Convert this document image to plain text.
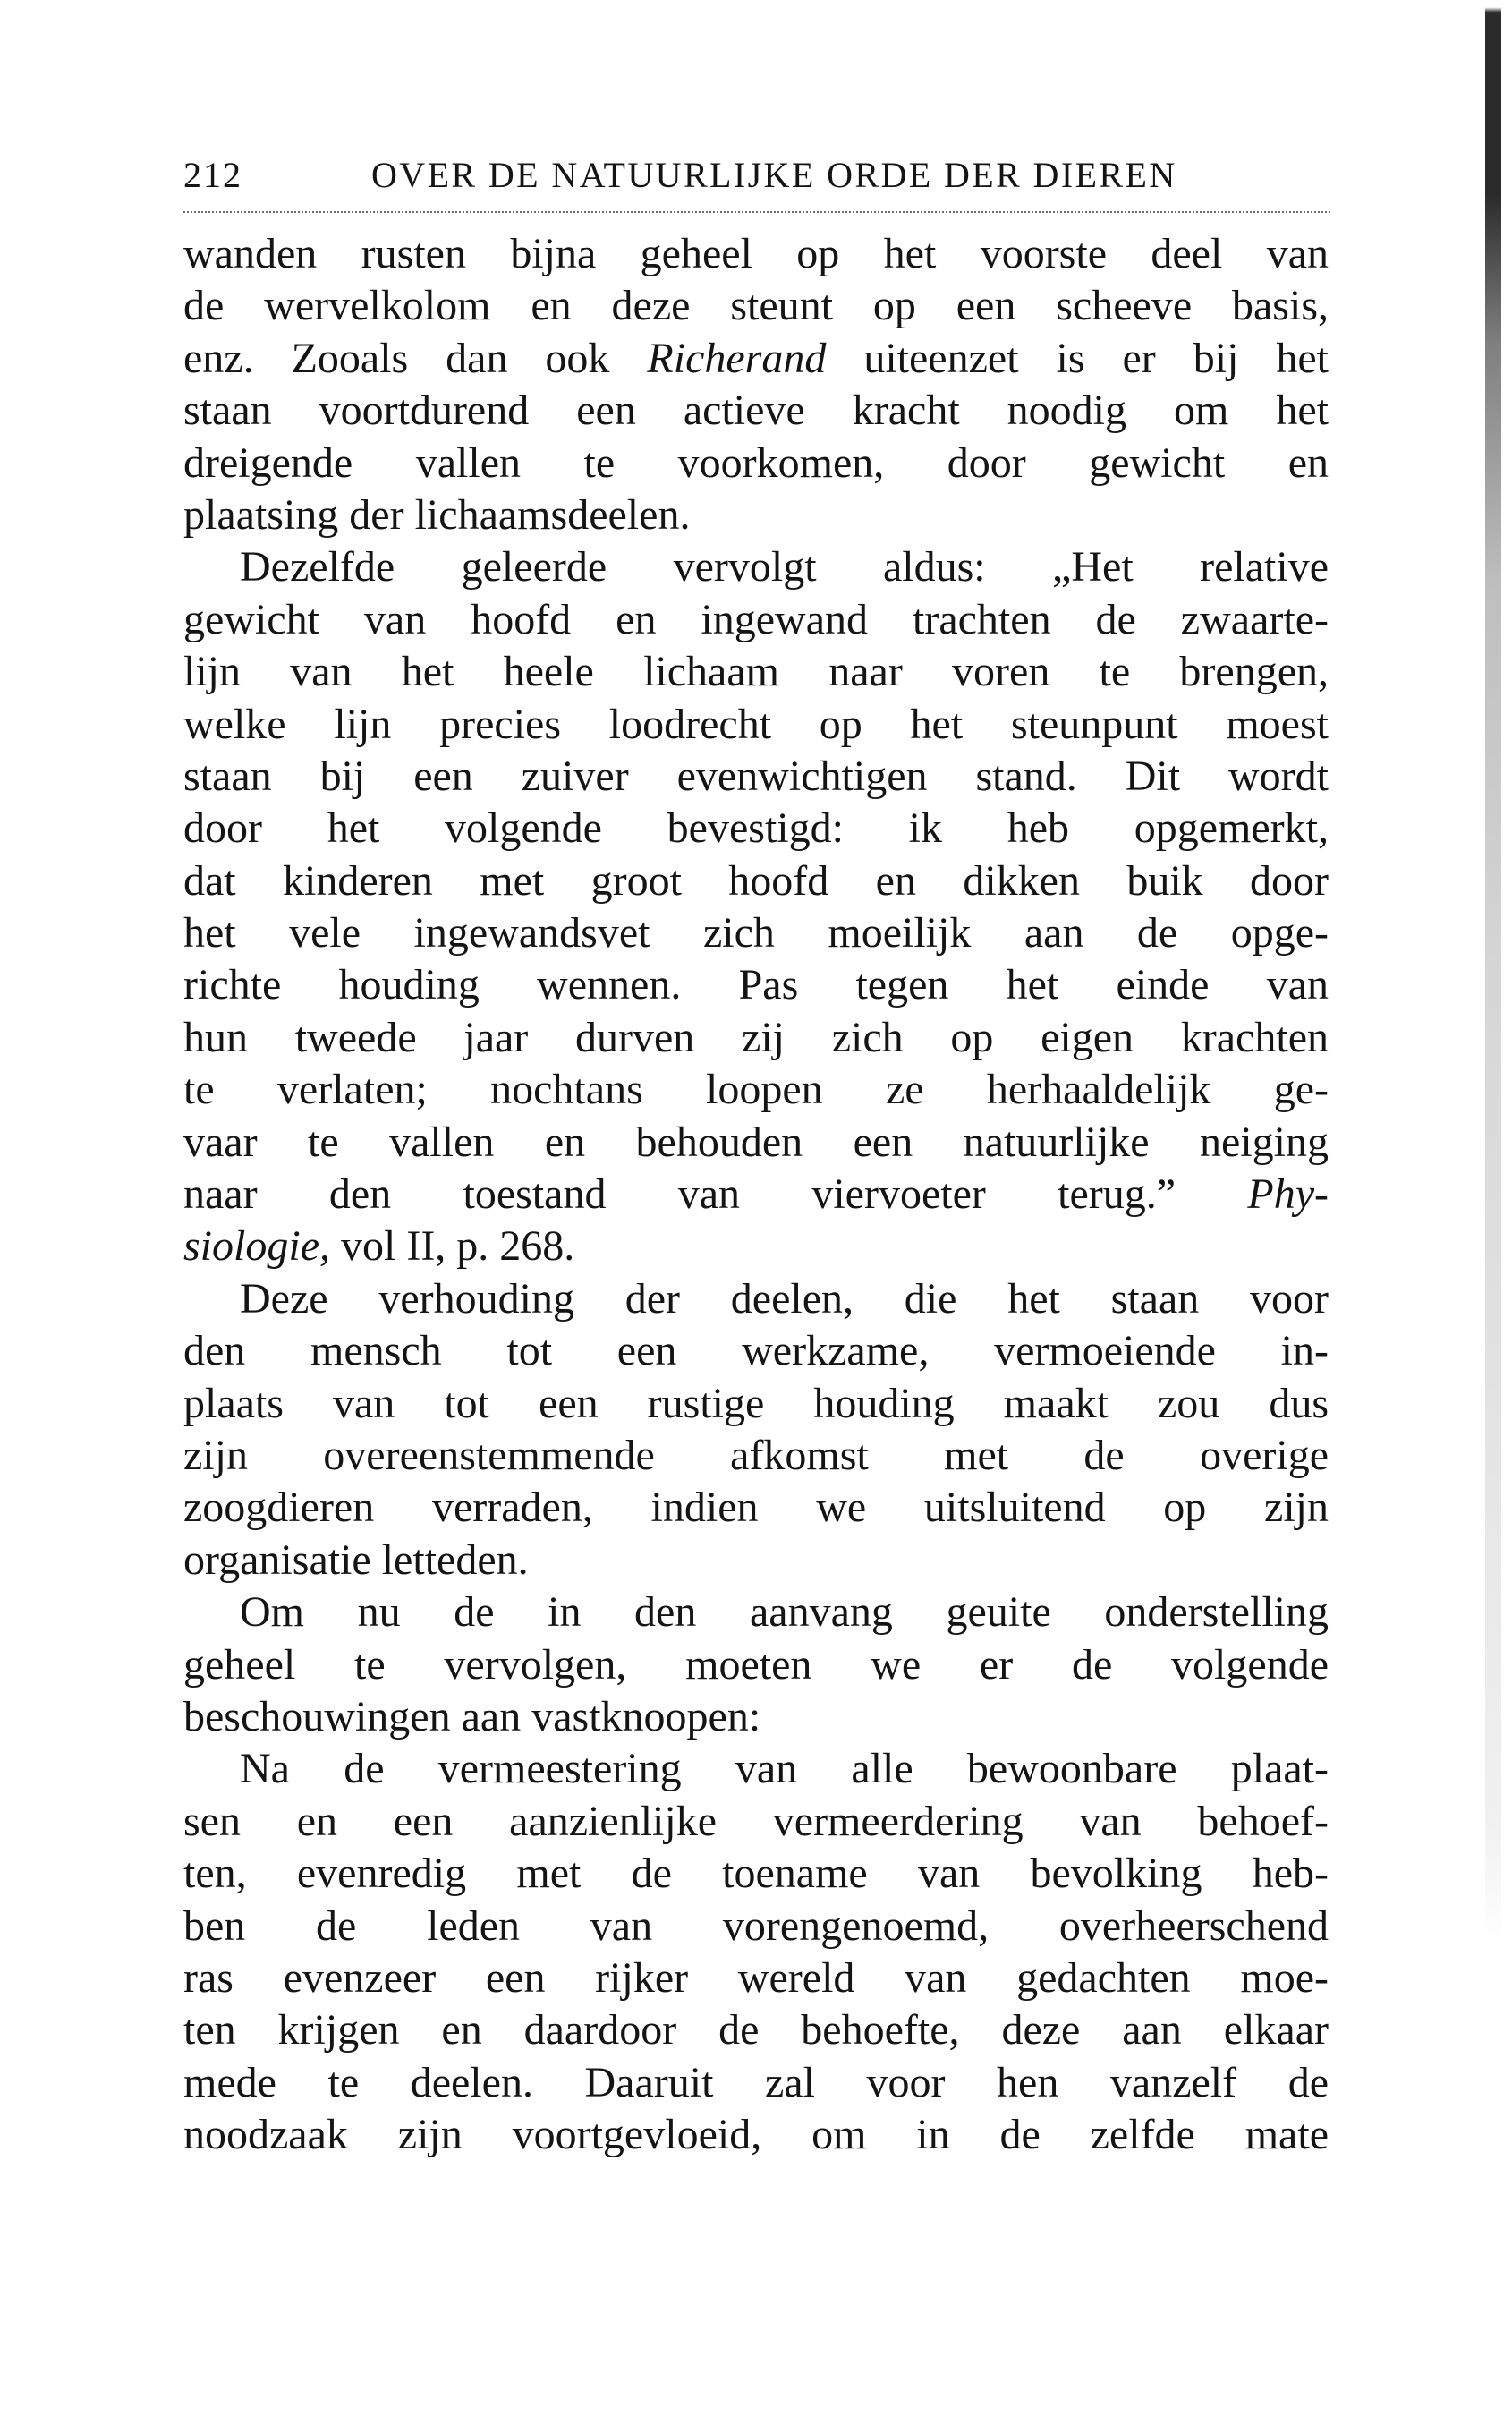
212	OVER DE NATUURLIJKE ORDE DER DIEREN
wanden rusten bijna geheel op het voorste deel van
de wervelkolom en deze steunt op een scheeve basis,
enz. Zooals dan ook Richerand uiteenzet is er bij het
staan voortdurend een actieve kracht noodig om het
dreigende vallen te voorkomen, door gewicht en
plaatsing der lichaamsdeelen.
Dezelfde geleerde vervolgt aldus: „Het relative
gewicht van hoofd en ingewand trachten de zwaarte-
lijn van het heele lichaam naar voren te brengen,
welke lijn precies loodrecht op het steunpunt moest
staan bij een zuiver evenwichtigen stand. Dit wordt
door het volgende bevestigd: ik heb opgemerkt,
dat kinderen met groot hoofd en dikken buik door
het vele ingewandsvet zich moeilijk aan de opge-
richte houding wennen. Pas tegen het einde van
hun tweede jaar durven zij zich op eigen krachten
te verlaten; nochtans loopen ze herhaaldelijk ge-
vaar te vallen en behouden een natuurlijke neiging
naar den toestand van viervoeter terug.” Phy-
siologie, vol II, p. 268.
Deze verhouding der deelen, die het staan voor
den mensch tot een werkzame, vermoeiende in-
plaats van tot een rustige houding maakt zou dus
zijn overeenstemmende afkomst met de overige
zoogdieren verraden, indien we uitsluitend op zijn
organisatie letteden.
Om nu de in den aanvang geuite onderstelling
geheel te vervolgen, moeten we er de volgende
beschouwingen aan vastknoopen:
Na de vermeestering van alle bewoonbare plaat-
sen en een aanzienlijke vermeerdering van behoef-
ten, evenredig met de toename van bevolking heb-
ben de leden van vorengenoemd, overheerschend
ras evenzeer een rijker wereld van gedachten moe-
ten krijgen en daardoor de behoefte, deze aan elkaar
mede te deelen. Daaruit zal voor hen vanzelf de
noodzaak zijn voortgevloeid, om in de zelfde mate
